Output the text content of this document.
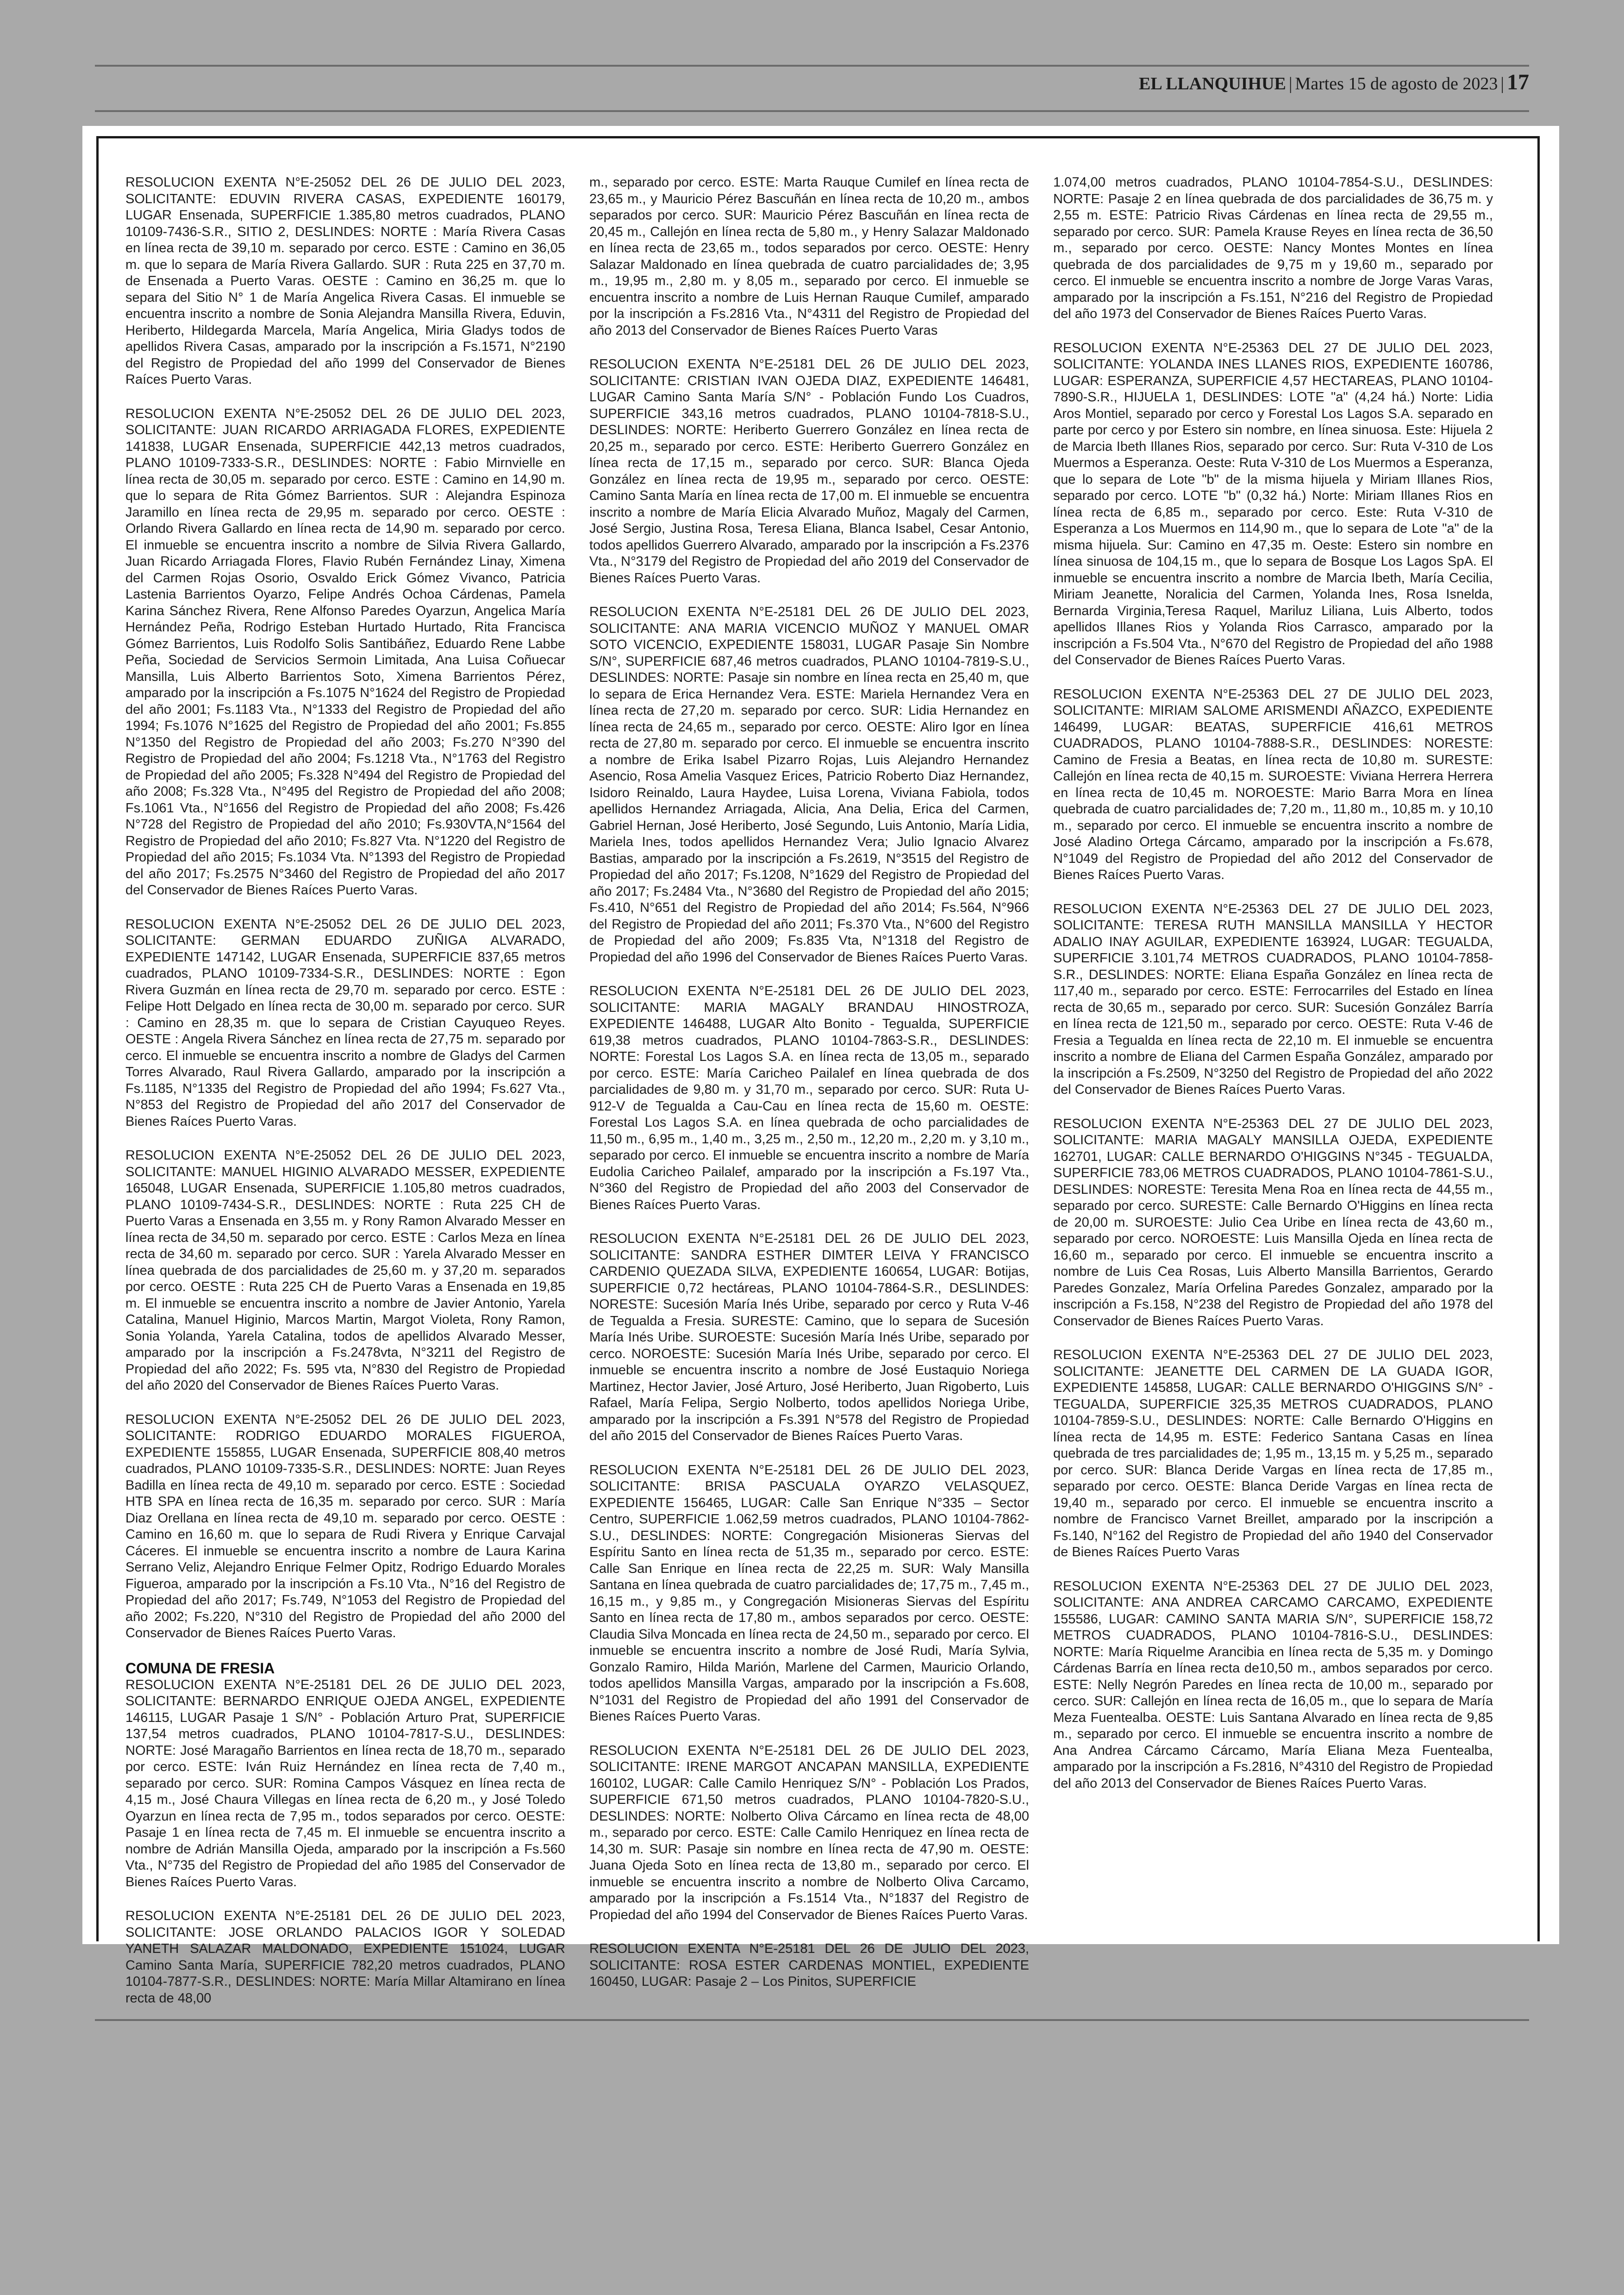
EL LLANQUIHUE | Martes 15 de agosto de 2023 | 17

RESOLUCION EXENTA N°E-25052 DEL 26 DE JULIO DEL 2023, SOLICITANTE: EDUVIN RIVERA CASAS, EXPEDIENTE 160179, LUGAR Ensenada, SUPERFICIE 1.385,80 metros cuadrados, PLANO 10109-7436-S.R., SITIO 2, DESLINDES: NORTE : María Rivera Casas en línea recta de 39,10 m. separado por cerco. ESTE : Camino en 36,05 m. que lo separa de María Rivera Gallardo. SUR : Ruta 225 en 37,70 m. de Ensenada a Puerto Varas. OESTE : Camino en 36,25 m. que lo separa del Sitio N° 1 de María Angelica Rivera Casas. El inmueble se encuentra inscrito a nombre de Sonia Alejandra Mansilla Rivera, Eduvin, Heriberto, Hildegarda Marcela, María Angelica, Miria Gladys todos de apellidos Rivera Casas, amparado por la inscripción a Fs.1571, N°2190 del Registro de Propiedad del año 1999 del Conservador de Bienes Raíces Puerto Varas.

RESOLUCION EXENTA N°E-25052 DEL 26 DE JULIO DEL 2023, SOLICITANTE: JUAN RICARDO ARRIAGADA FLORES, EXPEDIENTE 141838, LUGAR Ensenada, SUPERFICIE 442,13 metros cuadrados, PLANO 10109-7333-S.R., DESLINDES: NORTE : Fabio Mirnvielle en línea recta de 30,05 m. separado por cerco. ESTE : Camino en 14,90 m. que lo separa de Rita Gómez Barrientos. SUR : Alejandra Espinoza Jaramillo en línea recta de 29,95 m. separado por cerco. OESTE : Orlando Rivera Gallardo en línea recta de 14,90 m. separado por cerco. El inmueble se encuentra inscrito a nombre de Silvia Rivera Gallardo, Juan Ricardo Arriagada Flores, Flavio Rubén Fernández Linay, Ximena del Carmen Rojas Osorio, Osvaldo Erick Gómez Vivanco, Patricia Lastenia Barrientos Oyarzo, Felipe Andrés Ochoa Cárdenas, Pamela Karina Sánchez Rivera, Rene Alfonso Paredes Oyarzun, Angelica María Hernández Peña, Rodrigo Esteban Hurtado Hurtado, Rita Francisca Gómez Barrientos, Luis Rodolfo Solis Santibáñez, Eduardo Rene Labbe Peña, Sociedad de Servicios Sermoin Limitada, Ana Luisa Coñuecar Mansilla, Luis Alberto Barrientos Soto, Ximena Barrientos Pérez, amparado por la inscripción a Fs.1075 N°1624 del Registro de Propiedad del año 2001; Fs.1183 Vta., N°1333 del Registro de Propiedad del año 1994; Fs.1076 N°1625 del Registro de Propiedad del año 2001; Fs.855 N°1350 del Registro de Propiedad del año 2003; Fs.270 N°390 del Registro de Propiedad del año 2004; Fs.1218 Vta., N°1763 del Registro de Propiedad del año 2005; Fs.328 N°494 del Registro de Propiedad del año 2008; Fs.328 Vta., N°495 del Registro de Propiedad del año 2008; Fs.1061 Vta., N°1656 del Registro de Propiedad del año 2008; Fs.426 N°728 del Registro de Propiedad del año 2010; Fs.930VTA,N°1564 del Registro de Propiedad del año 2010; Fs.827 Vta. N°1220 del Registro de Propiedad del año 2015; Fs.1034 Vta. N°1393 del Registro de Propiedad del año 2017; Fs.2575 N°3460 del Registro de Propiedad del año 2017 del Conservador de Bienes Raíces Puerto Varas.

RESOLUCION EXENTA N°E-25052 DEL 26 DE JULIO DEL 2023, SOLICITANTE: GERMAN EDUARDO ZUÑIGA ALVARADO, EXPEDIENTE 147142, LUGAR Ensenada, SUPERFICIE 837,65 metros cuadrados, PLANO 10109-7334-S.R., DESLINDES: NORTE : Egon Rivera Guzmán en línea recta de 29,70 m. separado por cerco. ESTE : Felipe Hott Delgado en línea recta de 30,00 m. separado por cerco. SUR : Camino en 28,35 m. que lo separa de Cristian Cayuqueo Reyes. OESTE : Angela Rivera Sánchez en línea recta de 27,75 m. separado por cerco. El inmueble se encuentra inscrito a nombre de Gladys del Carmen Torres Alvarado, Raul Rivera Gallardo, amparado por la inscripción a Fs.1185, N°1335 del Registro de Propiedad del año 1994; Fs.627 Vta., N°853 del Registro de Propiedad del año 2017 del Conservador de Bienes Raíces Puerto Varas.

RESOLUCION EXENTA N°E-25052 DEL 26 DE JULIO DEL 2023, SOLICITANTE: MANUEL HIGINIO ALVARADO MESSER, EXPEDIENTE 165048, LUGAR Ensenada, SUPERFICIE 1.105,80 metros cuadrados, PLANO 10109-7434-S.R., DESLINDES: NORTE : Ruta 225 CH de Puerto Varas a Ensenada en 3,55 m. y Rony Ramon Alvarado Messer en línea recta de 34,50 m. separado por cerco. ESTE : Carlos Meza en línea recta de 34,60 m. separado por cerco. SUR : Yarela Alvarado Messer en línea quebrada de dos parcialidades de 25,60 m. y 37,20 m. separados por cerco. OESTE : Ruta 225 CH de Puerto Varas a Ensenada en 19,85 m. El inmueble se encuentra inscrito a nombre de Javier Antonio, Yarela Catalina, Manuel Higinio, Marcos Martin, Margot Violeta, Rony Ramon, Sonia Yolanda, Yarela Catalina, todos de apellidos Alvarado Messer, amparado por la inscripción a Fs.2478vta, N°3211 del Registro de Propiedad del año 2022; Fs. 595 vta, N°830 del Registro de Propiedad del año 2020 del Conservador de Bienes Raíces Puerto Varas.

RESOLUCION EXENTA N°E-25052 DEL 26 DE JULIO DEL 2023, SOLICITANTE: RODRIGO EDUARDO MORALES FIGUEROA, EXPEDIENTE 155855, LUGAR Ensenada, SUPERFICIE 808,40 metros cuadrados, PLANO 10109-7335-S.R., DESLINDES: NORTE: Juan Reyes Badilla en línea recta de 49,10 m. separado por cerco. ESTE : Sociedad HTB SPA en línea recta de 16,35 m. separado por cerco. SUR : María Diaz Orellana en línea recta de 49,10 m. separado por cerco. OESTE : Camino en 16,60 m. que lo separa de Rudi Rivera y Enrique Carvajal Cáceres. El inmueble se encuentra inscrito a nombre de Laura Karina Serrano Veliz, Alejandro Enrique Felmer Opitz, Rodrigo Eduardo Morales Figueroa, amparado por la inscripción a Fs.10 Vta., N°16 del Registro de Propiedad del año 2017; Fs.749, N°1053 del Registro de Propiedad del año 2002; Fs.220, N°310 del Registro de Propiedad del año 2000 del Conservador de Bienes Raíces Puerto Varas.

COMUNA DE FRESIA

RESOLUCION EXENTA N°E-25181 DEL 26 DE JULIO DEL 2023, SOLICITANTE: BERNARDO ENRIQUE OJEDA ANGEL, EXPEDIENTE 146115, LUGAR Pasaje 1 S/N° - Población Arturo Prat, SUPERFICIE 137,54 metros cuadrados, PLANO 10104-7817-S.U., DESLINDES: NORTE: José Maragaño Barrientos en línea recta de 18,70 m., separado por cerco. ESTE: Iván Ruiz Hernández en línea recta de 7,40 m., separado por cerco. SUR: Romina Campos Vásquez en línea recta de 4,15 m., José Chaura Villegas en línea recta de 6,20 m., y José Toledo Oyarzun en línea recta de 7,95 m., todos separados por cerco. OESTE: Pasaje 1 en línea recta de 7,45 m. El inmueble se encuentra inscrito a nombre de Adrián Mansilla Ojeda, amparado por la inscripción a Fs.560 Vta., N°735 del Registro de Propiedad del año 1985 del Conservador de Bienes Raíces Puerto Varas.

RESOLUCION EXENTA N°E-25181 DEL 26 DE JULIO DEL 2023, SOLICITANTE: JOSE ORLANDO PALACIOS IGOR Y SOLEDAD YANETH SALAZAR MALDONADO, EXPEDIENTE 151024, LUGAR Camino Santa María, SUPERFICIE 782,20 metros cuadrados, PLANO 10104-7877-S.R., DESLINDES: NORTE: María Millar Altamirano en línea recta de 48,00

m., separado por cerco. ESTE: Marta Rauque Cumilef en línea recta de 23,65 m., y Mauricio Pérez Bascuñán en línea recta de 10,20 m., ambos separados por cerco. SUR: Mauricio Pérez Bascuñán en línea recta de 20,45 m., Callejón en línea recta de 5,80 m., y Henry Salazar Maldonado en línea recta de 23,65 m., todos separados por cerco. OESTE: Henry Salazar Maldonado en línea quebrada de cuatro parcialidades de; 3,95 m., 19,95 m., 2,80 m. y 8,05 m., separado por cerco. El inmueble se encuentra inscrito a nombre de Luis Hernan Rauque Cumilef, amparado por la inscripción a Fs.2816 Vta., N°4311 del Registro de Propiedad del año 2013 del Conservador de Bienes Raíces Puerto Varas

RESOLUCION EXENTA N°E-25181 DEL 26 DE JULIO DEL 2023, SOLICITANTE: CRISTIAN IVAN OJEDA DIAZ, EXPEDIENTE 146481, LUGAR Camino Santa María S/N° - Población Fundo Los Cuadros, SUPERFICIE 343,16 metros cuadrados, PLANO 10104-7818-S.U., DESLINDES: NORTE: Heriberto Guerrero González en línea recta de 20,25 m., separado por cerco. ESTE: Heriberto Guerrero González en línea recta de 17,15 m., separado por cerco. SUR: Blanca Ojeda González en línea recta de 19,95 m., separado por cerco. OESTE: Camino Santa María en línea recta de 17,00 m. El inmueble se encuentra inscrito a nombre de María Elicia Alvarado Muñoz, Magaly del Carmen, José Sergio, Justina Rosa, Teresa Eliana, Blanca Isabel, Cesar Antonio, todos apellidos Guerrero Alvarado, amparado por la inscripción a Fs.2376 Vta., N°3179 del Registro de Propiedad del año 2019 del Conservador de Bienes Raíces Puerto Varas.

RESOLUCION EXENTA N°E-25181 DEL 26 DE JULIO DEL 2023, SOLICITANTE: ANA MARIA VICENCIO MUÑOZ Y MANUEL OMAR SOTO VICENCIO, EXPEDIENTE 158031, LUGAR Pasaje Sin Nombre S/N°, SUPERFICIE 687,46 metros cuadrados, PLANO 10104-7819-S.U., DESLINDES: NORTE: Pasaje sin nombre en línea recta en 25,40 m, que lo separa de Erica Hernandez Vera. ESTE: Mariela Hernandez Vera en línea recta de 27,20 m. separado por cerco. SUR: Lidia Hernandez en línea recta de 24,65 m., separado por cerco. OESTE: Aliro Igor en línea recta de 27,80 m. separado por cerco. El inmueble se encuentra inscrito a nombre de Erika Isabel Pizarro Rojas, Luis Alejandro Hernandez Asencio, Rosa Amelia Vasquez Erices, Patricio Roberto Diaz Hernandez, Isidoro Reinaldo, Laura Haydee, Luisa Lorena, Viviana Fabiola, todos apellidos Hernandez Arriagada, Alicia, Ana Delia, Erica del Carmen, Gabriel Hernan, José Heriberto, José Segundo, Luis Antonio, María Lidia, Mariela Ines, todos apellidos Hernandez Vera; Julio Ignacio Alvarez Bastias, amparado por la inscripción a Fs.2619, N°3515 del Registro de Propiedad del año 2017; Fs.1208, N°1629 del Registro de Propiedad del año 2017; Fs.2484 Vta., N°3680 del Registro de Propiedad del año 2015; Fs.410, N°651 del Registro de Propiedad del año 2014; Fs.564, N°966 del Registro de Propiedad del año 2011; Fs.370 Vta., N°600 del Registro de Propiedad del año 2009; Fs.835 Vta, N°1318 del Registro de Propiedad del año 1996 del Conservador de Bienes Raíces Puerto Varas.

RESOLUCION EXENTA N°E-25181 DEL 26 DE JULIO DEL 2023, SOLICITANTE: MARIA MAGALY BRANDAU HINOSTROZA, EXPEDIENTE 146488, LUGAR Alto Bonito - Tegualda, SUPERFICIE 619,38 metros cuadrados, PLANO 10104-7863-S.R., DESLINDES: NORTE: Forestal Los Lagos S.A. en línea recta de 13,05 m., separado por cerco. ESTE: María Caricheo Pailalef en línea quebrada de dos parcialidades de 9,80 m. y 31,70 m., separado por cerco. SUR: Ruta U-912-V de Tegualda a Cau-Cau en línea recta de 15,60 m. OESTE: Forestal Los Lagos S.A. en línea quebrada de ocho parcialidades de 11,50 m., 6,95 m., 1,40 m., 3,25 m., 2,50 m., 12,20 m., 2,20 m. y 3,10 m., separado por cerco. El inmueble se encuentra inscrito a nombre de María Eudolia Caricheo Pailalef, amparado por la inscripción a Fs.197 Vta., N°360 del Registro de Propiedad del año 2003 del Conservador de Bienes Raíces Puerto Varas.

RESOLUCION EXENTA N°E-25181 DEL 26 DE JULIO DEL 2023, SOLICITANTE: SANDRA ESTHER DIMTER LEIVA Y FRANCISCO CARDENIO QUEZADA SILVA, EXPEDIENTE 160654, LUGAR: Botijas, SUPERFICIE 0,72 hectáreas, PLANO 10104-7864-S.R., DESLINDES: NORESTE: Sucesión María Inés Uribe, separado por cerco y Ruta V-46 de Tegualda a Fresia. SURESTE: Camino, que lo separa de Sucesión María Inés Uribe. SUROESTE: Sucesión María Inés Uribe, separado por cerco. NOROESTE: Sucesión María Inés Uribe, separado por cerco. El inmueble se encuentra inscrito a nombre de José Eustaquio Noriega Martinez, Hector Javier, José Arturo, José Heriberto, Juan Rigoberto, Luis Rafael, María Felipa, Sergio Nolberto, todos apellidos Noriega Uribe, amparado por la inscripción a Fs.391 N°578 del Registro de Propiedad del año 2015 del Conservador de Bienes Raíces Puerto Varas.

RESOLUCION EXENTA N°E-25181 DEL 26 DE JULIO DEL 2023, SOLICITANTE: BRISA PASCUALA OYARZO VELASQUEZ, EXPEDIENTE 156465, LUGAR: Calle San Enrique N°335 – Sector Centro, SUPERFICIE 1.062,59 metros cuadrados, PLANO 10104-7862-S.U., DESLINDES: NORTE: Congregación Misioneras Siervas del Espíritu Santo en línea recta de 51,35 m., separado por cerco. ESTE: Calle San Enrique en línea recta de 22,25 m. SUR: Waly Mansilla Santana en línea quebrada de cuatro parcialidades de; 17,75 m., 7,45 m., 16,15 m., y 9,85 m., y Congregación Misioneras Siervas del Espíritu Santo en línea recta de 17,80 m., ambos separados por cerco. OESTE: Claudia Silva Moncada en línea recta de 24,50 m., separado por cerco. El inmueble se encuentra inscrito a nombre de José Rudi, María Sylvia, Gonzalo Ramiro, Hilda Marión, Marlene del Carmen, Mauricio Orlando, todos apellidos Mansilla Vargas, amparado por la inscripción a Fs.608, N°1031 del Registro de Propiedad del año 1991 del Conservador de Bienes Raíces Puerto Varas.

RESOLUCION EXENTA N°E-25181 DEL 26 DE JULIO DEL 2023, SOLICITANTE: IRENE MARGOT ANCAPAN MANSILLA, EXPEDIENTE 160102, LUGAR: Calle Camilo Henriquez S/N° - Población Los Prados, SUPERFICIE 671,50 metros cuadrados, PLANO 10104-7820-S.U., DESLINDES: NORTE: Nolberto Oliva Cárcamo en línea recta de 48,00 m., separado por cerco. ESTE: Calle Camilo Henriquez en línea recta de 14,30 m. SUR: Pasaje sin nombre en línea recta de 47,90 m. OESTE: Juana Ojeda Soto en línea recta de 13,80 m., separado por cerco. El inmueble se encuentra inscrito a nombre de Nolberto Oliva Carcamo, amparado por la inscripción a Fs.1514 Vta., N°1837 del Registro de Propiedad del año 1994 del Conservador de Bienes Raíces Puerto Varas.

RESOLUCION EXENTA N°E-25181 DEL 26 DE JULIO DEL 2023, SOLICITANTE: ROSA ESTER CARDENAS MONTIEL, EXPEDIENTE 160450, LUGAR: Pasaje 2 – Los Pinitos, SUPERFICIE

1.074,00 metros cuadrados, PLANO 10104-7854-S.U., DESLINDES: NORTE: Pasaje 2 en línea quebrada de dos parcialidades de 36,75 m. y 2,55 m. ESTE: Patricio Rivas Cárdenas en línea recta de 29,55 m., separado por cerco. SUR: Pamela Krause Reyes en línea recta de 36,50 m., separado por cerco. OESTE: Nancy Montes Montes en línea quebrada de dos parcialidades de 9,75 m y 19,60 m., separado por cerco. El inmueble se encuentra inscrito a nombre de Jorge Varas Varas, amparado por la inscripción a Fs.151, N°216 del Registro de Propiedad del año 1973 del Conservador de Bienes Raíces Puerto Varas.

RESOLUCION EXENTA N°E-25363 DEL 27 DE JULIO DEL 2023, SOLICITANTE: YOLANDA INES LLANES RIOS, EXPEDIENTE 160786, LUGAR: ESPERANZA, SUPERFICIE 4,57 HECTAREAS, PLANO 10104-7890-S.R., HIJUELA 1, DESLINDES: LOTE "a" (4,24 há.) Norte: Lidia Aros Montiel, separado por cerco y Forestal Los Lagos S.A. separado en parte por cerco y por Estero sin nombre, en línea sinuosa. Este: Hijuela 2 de Marcia Ibeth Illanes Rios, separado por cerco. Sur: Ruta V-310 de Los Muermos a Esperanza. Oeste: Ruta V-310 de Los Muermos a Esperanza, que lo separa de Lote "b" de la misma hijuela y Miriam Illanes Rios, separado por cerco. LOTE "b" (0,32 há.) Norte: Miriam Illanes Rios en línea recta de 6,85 m., separado por cerco. Este: Ruta V-310 de Esperanza a Los Muermos en 114,90 m., que lo separa de Lote "a" de la misma hijuela. Sur: Camino en 47,35 m. Oeste: Estero sin nombre en línea sinuosa de 104,15 m., que lo separa de Bosque Los Lagos SpA. El inmueble se encuentra inscrito a nombre de Marcia Ibeth, María Cecilia, Miriam Jeanette, Noralicia del Carmen, Yolanda Ines, Rosa Isnelda, Bernarda Virginia,Teresa Raquel, Mariluz Liliana, Luis Alberto, todos apellidos Illanes Rios y Yolanda Rios Carrasco, amparado por la inscripción a Fs.504 Vta., N°670 del Registro de Propiedad del año 1988 del Conservador de Bienes Raíces Puerto Varas.

RESOLUCION EXENTA N°E-25363 DEL 27 DE JULIO DEL 2023, SOLICITANTE: MIRIAM SALOME ARISMENDI AÑAZCO, EXPEDIENTE 146499, LUGAR: BEATAS, SUPERFICIE 416,61 METROS CUADRADOS, PLANO 10104-7888-S.R., DESLINDES: NORESTE: Camino de Fresia a Beatas, en línea recta de 10,80 m. SURESTE: Callejón en línea recta de 40,15 m. SUROESTE: Viviana Herrera Herrera en línea recta de 10,45 m. NOROESTE: Mario Barra Mora en línea quebrada de cuatro parcialidades de; 7,20 m., 11,80 m., 10,85 m. y 10,10 m., separado por cerco. El inmueble se encuentra inscrito a nombre de José Aladino Ortega Cárcamo, amparado por la inscripción a Fs.678, N°1049 del Registro de Propiedad del año 2012 del Conservador de Bienes Raíces Puerto Varas.

RESOLUCION EXENTA N°E-25363 DEL 27 DE JULIO DEL 2023, SOLICITANTE: TERESA RUTH MANSILLA MANSILLA Y HECTOR ADALIO INAY AGUILAR, EXPEDIENTE 163924, LUGAR: TEGUALDA, SUPERFICIE 3.101,74 METROS CUADRADOS, PLANO 10104-7858-S.R., DESLINDES: NORTE: Eliana España González en línea recta de 117,40 m., separado por cerco. ESTE: Ferrocarriles del Estado en línea recta de 30,65 m., separado por cerco. SUR: Sucesión González Barría en línea recta de 121,50 m., separado por cerco. OESTE: Ruta V-46 de Fresia a Tegualda en línea recta de 22,10 m. El inmueble se encuentra inscrito a nombre de Eliana del Carmen España González, amparado por la inscripción a Fs.2509, N°3250 del Registro de Propiedad del año 2022 del Conservador de Bienes Raíces Puerto Varas.

RESOLUCION EXENTA N°E-25363 DEL 27 DE JULIO DEL 2023, SOLICITANTE: MARIA MAGALY MANSILLA OJEDA, EXPEDIENTE 162701, LUGAR: CALLE BERNARDO O'HIGGINS N°345 - TEGUALDA, SUPERFICIE 783,06 METROS CUADRADOS, PLANO 10104-7861-S.U., DESLINDES: NORESTE: Teresita Mena Roa en línea recta de 44,55 m., separado por cerco. SURESTE: Calle Bernardo O'Higgins en línea recta de 20,00 m. SUROESTE: Julio Cea Uribe en línea recta de 43,60 m., separado por cerco. NOROESTE: Luis Mansilla Ojeda en línea recta de 16,60 m., separado por cerco. El inmueble se encuentra inscrito a nombre de Luis Cea Rosas, Luis Alberto Mansilla Barrientos, Gerardo Paredes Gonzalez, María Orfelina Paredes Gonzalez, amparado por la inscripción a Fs.158, N°238 del Registro de Propiedad del año 1978 del Conservador de Bienes Raíces Puerto Varas.

RESOLUCION EXENTA N°E-25363 DEL 27 DE JULIO DEL 2023, SOLICITANTE: JEANETTE DEL CARMEN DE LA GUADA IGOR, EXPEDIENTE 145858, LUGAR: CALLE BERNARDO O'HIGGINS S/N° - TEGUALDA, SUPERFICIE 325,35 METROS CUADRADOS, PLANO 10104-7859-S.U., DESLINDES: NORTE: Calle Bernardo O'Higgins en línea recta de 14,95 m. ESTE: Federico Santana Casas en línea quebrada de tres parcialidades de; 1,95 m., 13,15 m. y 5,25 m., separado por cerco. SUR: Blanca Deride Vargas en línea recta de 17,85 m., separado por cerco. OESTE: Blanca Deride Vargas en línea recta de 19,40 m., separado por cerco. El inmueble se encuentra inscrito a nombre de Francisco Varnet Breillet, amparado por la inscripción a Fs.140, N°162 del Registro de Propiedad del año 1940 del Conservador de Bienes Raíces Puerto Varas

RESOLUCION EXENTA N°E-25363 DEL 27 DE JULIO DEL 2023, SOLICITANTE: ANA ANDREA CARCAMO CARCAMO, EXPEDIENTE 155586, LUGAR: CAMINO SANTA MARIA S/N°, SUPERFICIE 158,72 METROS CUADRADOS, PLANO 10104-7816-S.U., DESLINDES: NORTE: María Riquelme Arancibia en línea recta de 5,35 m. y Domingo Cárdenas Barría en línea recta de10,50 m., ambos separados por cerco. ESTE: Nelly Negrón Paredes en línea recta de 10,00 m., separado por cerco. SUR: Callejón en línea recta de 16,05 m., que lo separa de María Meza Fuentealba. OESTE: Luis Santana Alvarado en línea recta de 9,85 m., separado por cerco. El inmueble se encuentra inscrito a nombre de Ana Andrea Cárcamo Cárcamo, María Eliana Meza Fuentealba, amparado por la inscripción a Fs.2816, N°4310 del Registro de Propiedad del año 2013 del Conservador de Bienes Raíces Puerto Varas.
